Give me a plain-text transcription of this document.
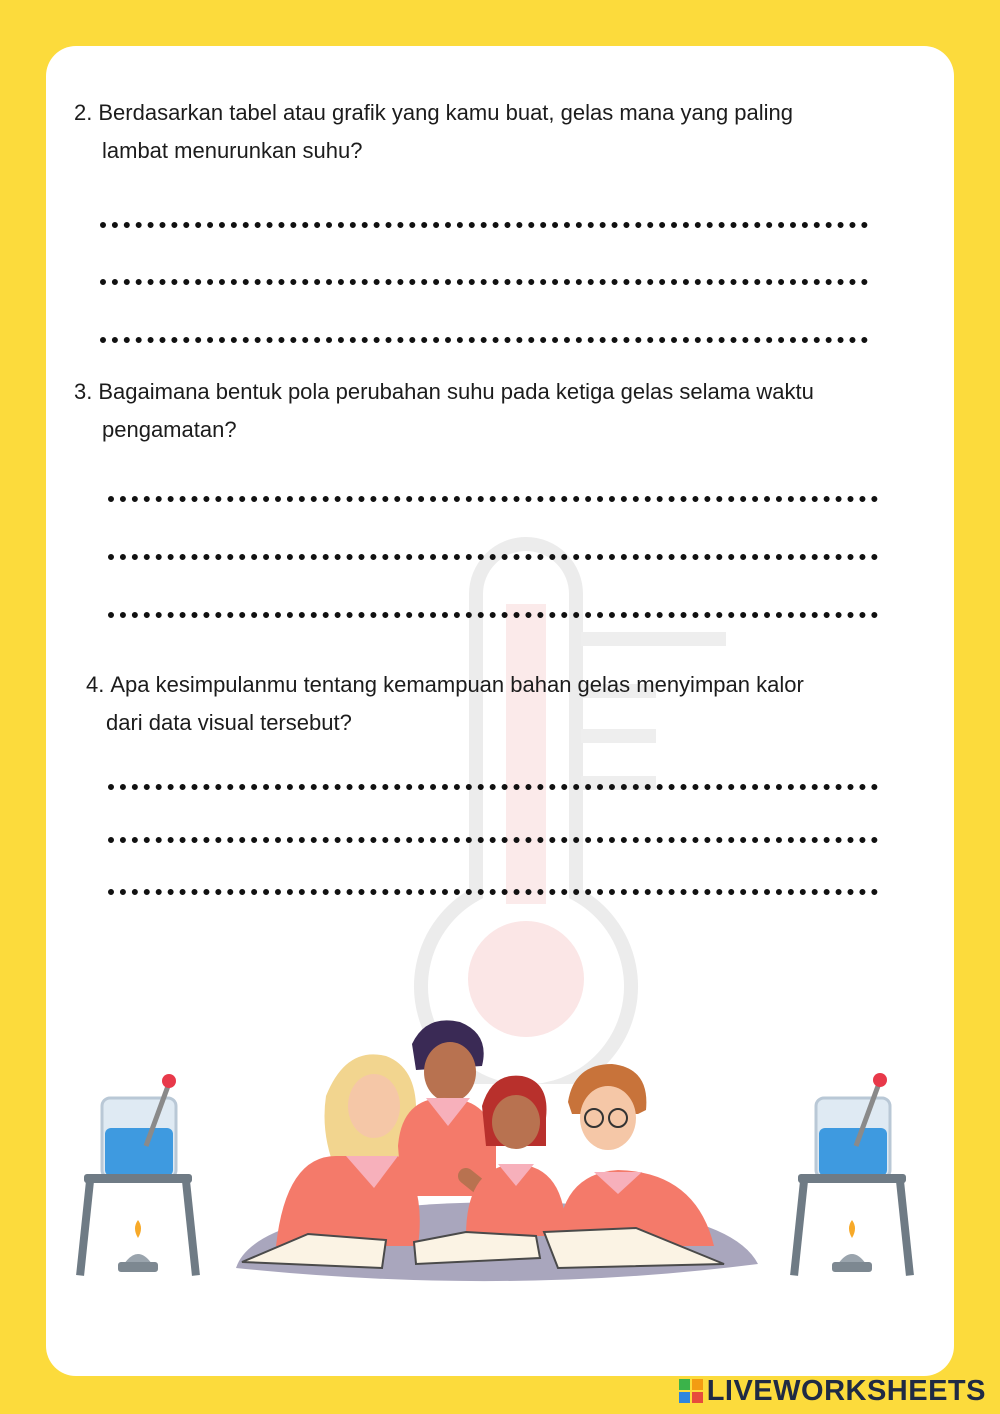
2. Berdasarkan tabel atau grafik yang kamu buat, gelas mana yang paling
lambat menurunkan suhu?
3. Bagaimana bentuk pola perubahan suhu pada ketiga gelas selama waktu
pengamatan?
4. Apa kesimpulanmu tentang kemampuan bahan gelas menyimpan kalor
dari data visual tersebut?
LIVEWORKSHEETS
